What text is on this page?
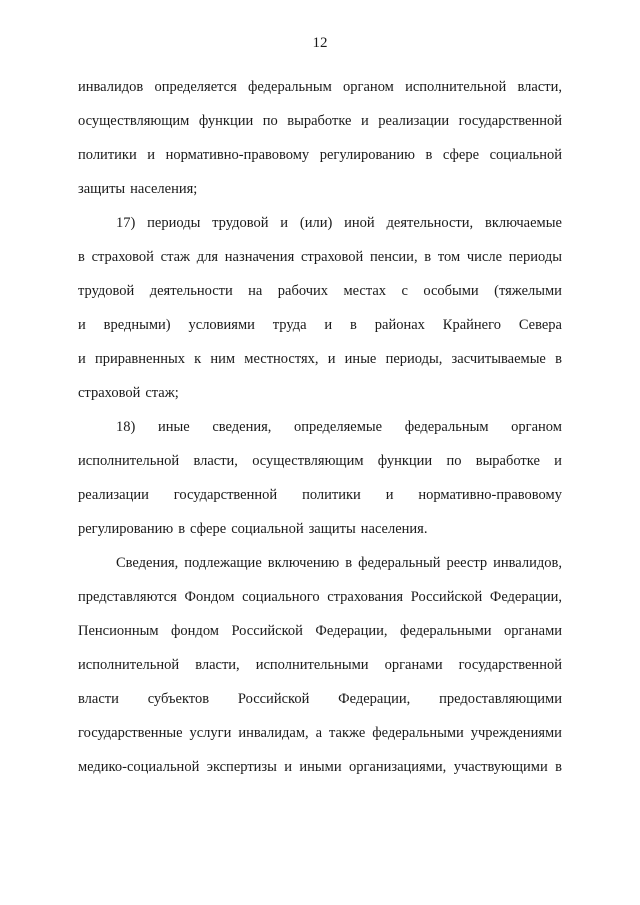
12
инвалидов определяется федеральным органом исполнительной власти,
осуществляющим функции по выработке и реализации государственной
политики и нормативно-правовому регулированию в сфере социальной
защиты населения;
17) периоды трудовой и (или) иной деятельности, включаемые
в страховой стаж для назначения страховой пенсии, в том числе периоды
трудовой деятельности на рабочих местах с особыми (тяжелыми
и вредными) условиями труда и в районах Крайнего Севера
и приравненных к ним местностях, и иные периоды, засчитываемые в
страховой стаж;
18) иные сведения, определяемые федеральным органом
исполнительной власти, осуществляющим функции по выработке и
реализации государственной политики и нормативно-правовому
регулированию в сфере социальной защиты населения.
Сведения, подлежащие включению в федеральный реестр инвалидов,
представляются Фондом социального страхования Российской Федерации,
Пенсионным фондом Российской Федерации, федеральными органами
исполнительной власти, исполнительными органами государственной
власти субъектов Российской Федерации, предоставляющими
государственные услуги инвалидам, а также федеральными учреждениями
медико-социальной экспертизы и иными организациями, участвующими в
